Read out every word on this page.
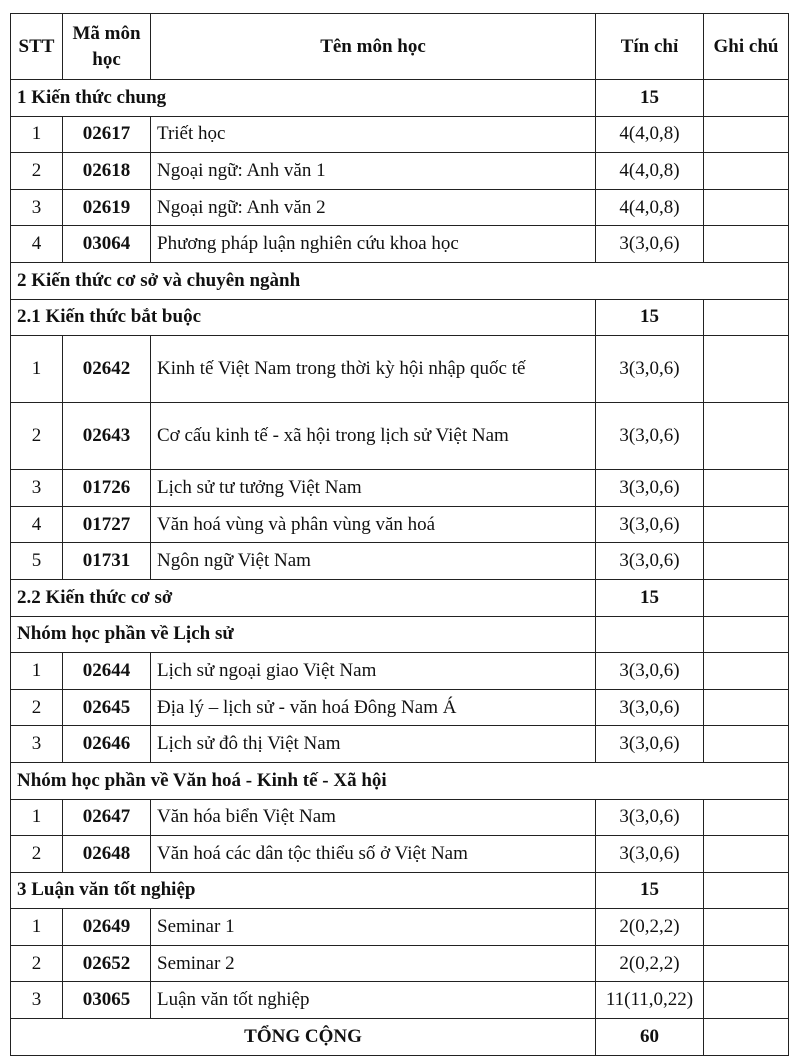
STT	Mã môn học	Tên môn học	Tín chỉ	Ghi chú
1 Kiến thức chung			15	
1	02617	Triết học	4(4,0,8)	
2	02618	Ngoại ngữ: Anh văn 1	4(4,0,8)	
3	02619	Ngoại ngữ: Anh văn 2	4(4,0,8)	
4	03064	Phương pháp luận nghiên cứu khoa học	3(3,0,6)	
2 Kiến thức cơ sở và chuyên ngành				
2.1 Kiến thức bắt buộc			15	
1	02642	Kinh tế Việt Nam trong thời kỳ hội nhập quốc tế	3(3,0,6)	
2	02643	Cơ cấu kinh tế - xã hội trong lịch sử Việt Nam	3(3,0,6)	
3	01726	Lịch sử tư tưởng Việt Nam	3(3,0,6)	
4	01727	Văn hoá vùng và phân vùng văn hoá	3(3,0,6)	
5	01731	Ngôn ngữ Việt Nam	3(3,0,6)	
2.2 Kiến thức cơ sở			15	
Nhóm học phần về Lịch sử				
1	02644	Lịch sử ngoại giao Việt Nam	3(3,0,6)	
2	02645	Địa lý – lịch sử - văn hoá Đông Nam Á	3(3,0,6)	
3	02646	Lịch sử đô thị Việt Nam	3(3,0,6)	
Nhóm học phần về Văn hoá - Kinh tế - Xã hội				
1	02647	Văn hóa biển Việt Nam	3(3,0,6)	
2	02648	Văn hoá các dân tộc thiểu số ở Việt Nam	3(3,0,6)	
3 Luận văn tốt nghiệp			15	
1	02649	Seminar 1	2(0,2,2)	
2	02652	Seminar 2	2(0,2,2)	
3	03065	Luận văn tốt nghiệp	11(11,0,22)	
TỔNG CỘNG			60	
